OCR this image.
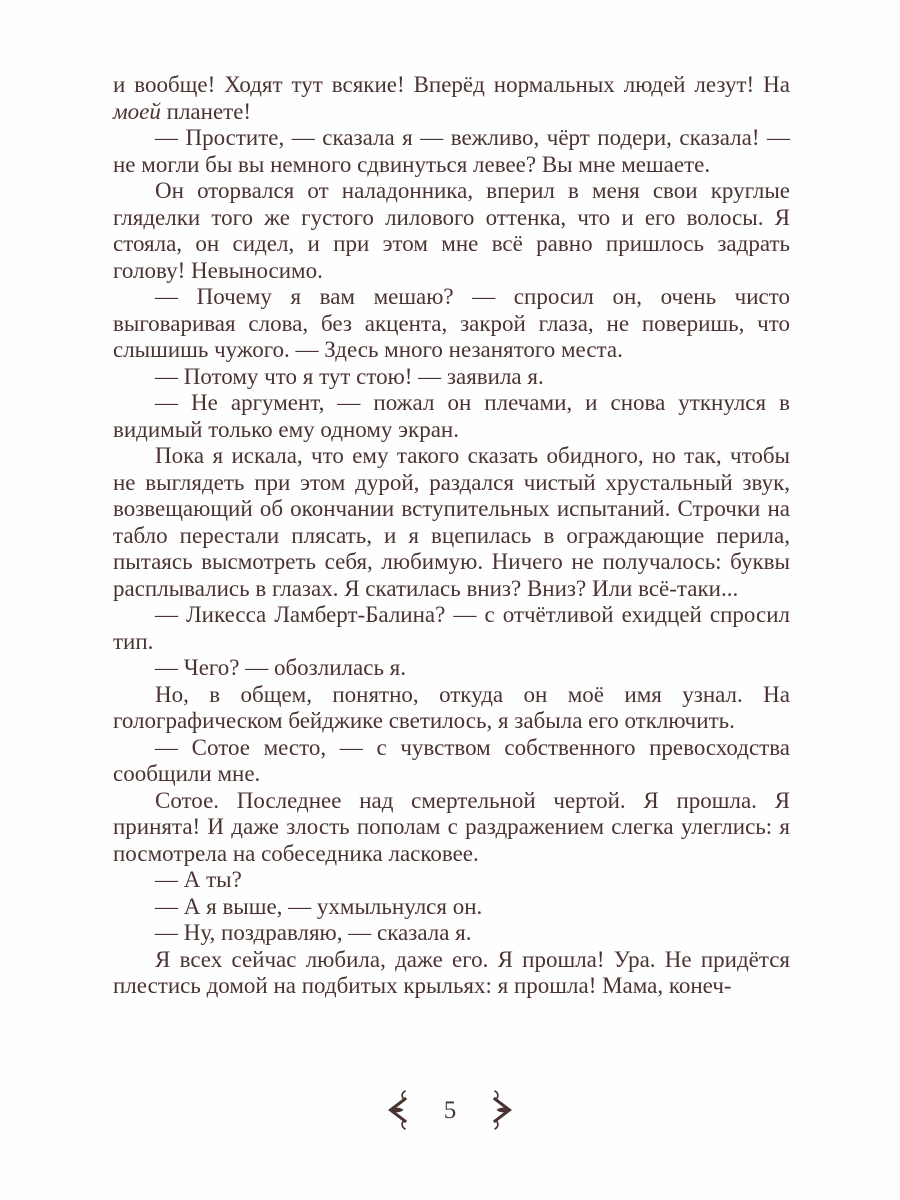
и вообще! Ходят тут всякие! Вперёд нормальных людей лезут! На моей планете!

— Простите, — сказала я — вежливо, чёрт подери, сказала! — не могли бы вы немного сдвинуться левее? Вы мне мешаете.

Он оторвался от наладонника, вперил в меня свои круглые гляделки того же густого лилового оттенка, что и его волосы. Я стояла, он сидел, и при этом мне всё равно пришлось задрать голову! Невыносимо.

— Почему я вам мешаю? — спросил он, очень чисто выговаривая слова, без акцента, закрой глаза, не поверишь, что слышишь чужого. — Здесь много незанятого места.

— Потому что я тут стою! — заявила я.

— Не аргумент, — пожал он плечами, и снова уткнулся в видимый только ему одному экран.

Пока я искала, что ему такого сказать обидного, но так, чтобы не выглядеть при этом дурой, раздался чистый хрустальный звук, возвещающий об окончании вступительных испытаний. Строчки на табло перестали плясать, и я вцепилась в ограждающие перила, пытаясь высмотреть себя, любимую. Ничего не получалось: буквы расплывались в глазах. Я скатилась вниз? Вниз? Или всё-таки...

— Ликесса Ламберт-Балина? — с отчётливой ехидцей спросил тип.

— Чего? — обозлилась я.

Но, в общем, понятно, откуда он моё имя узнал. На голографическом бейджике светилось, я забыла его отключить.

— Сотое место, — с чувством собственного превосходства сообщили мне.

Сотое. Последнее над смертельной чертой. Я прошла. Я принята! И даже злость пополам с раздражением слегка улеглись: я посмотрела на собеседника ласковее.

— А ты?

— А я выше, — ухмыльнулся он.

— Ну, поздравляю, — сказала я.

Я всех сейчас любила, даже его. Я прошла! Ура. Не придётся плестись домой на подбитых крыльях: я прошла! Мама, конеч-

5
